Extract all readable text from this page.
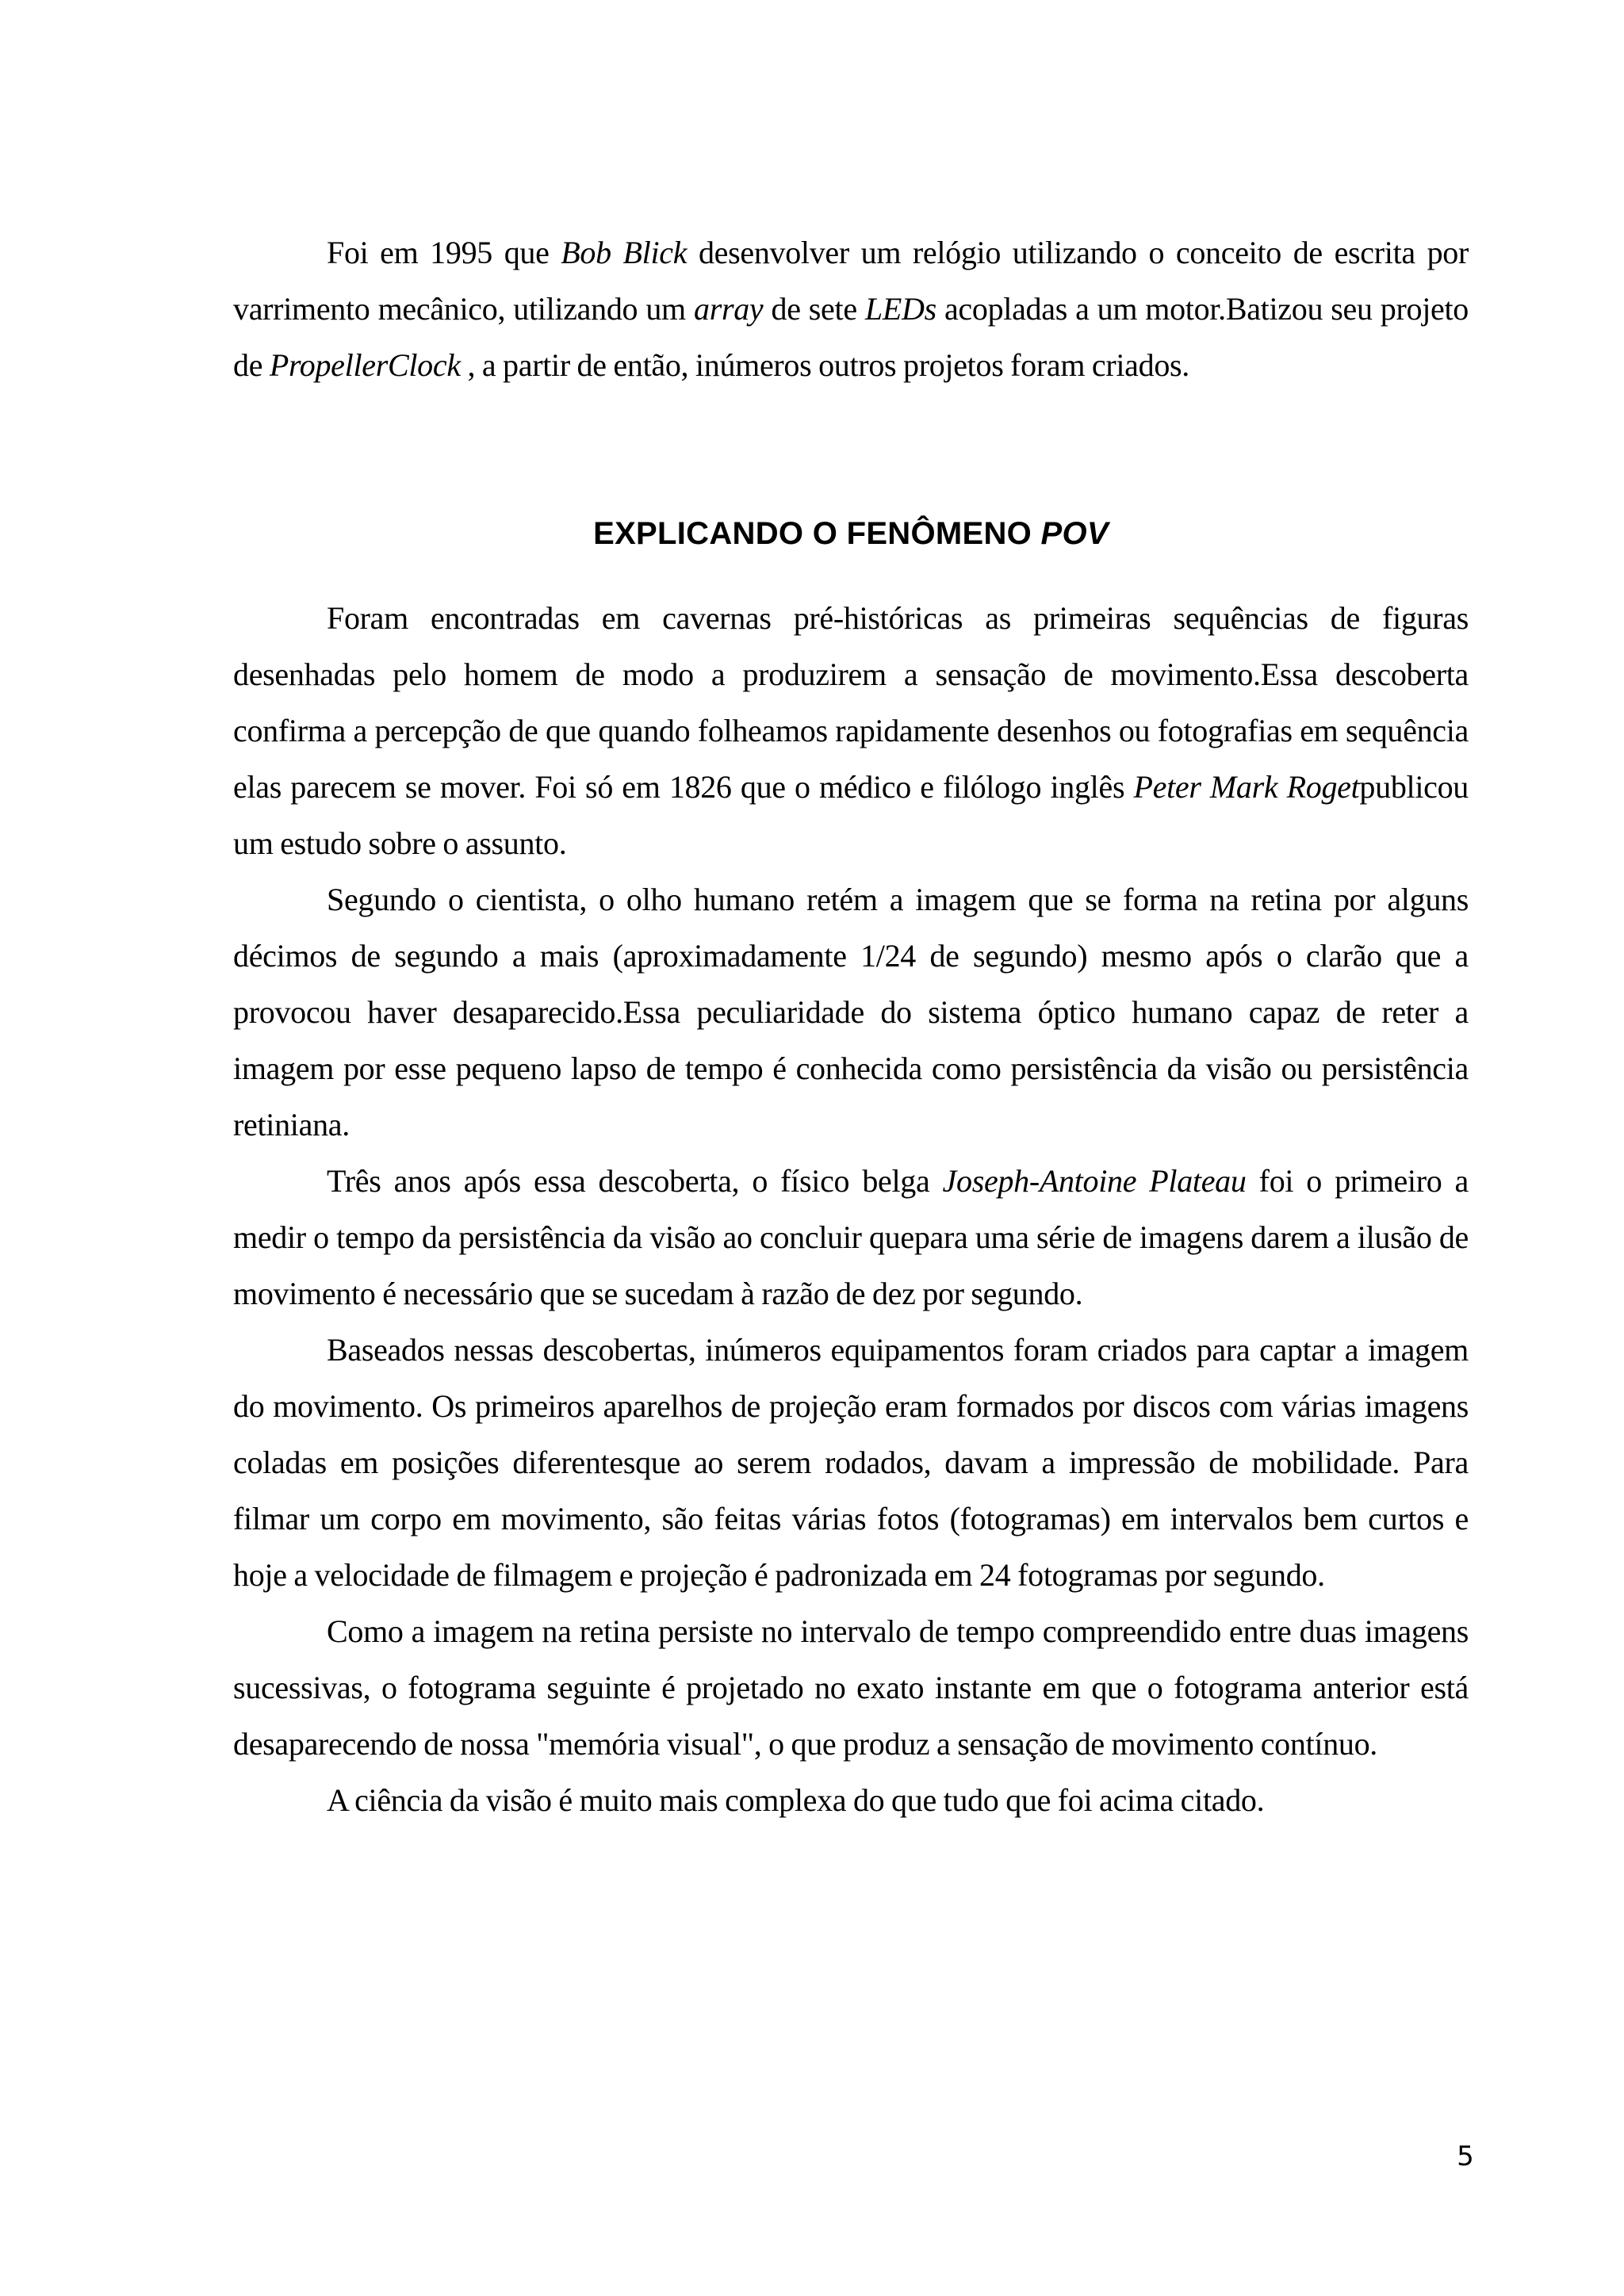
Foi em 1995 que Bob Blick desenvolver um relógio utilizando o conceito de escrita por varrimento mecânico, utilizando um array de sete LEDs acopladas a um motor.Batizou seu projeto de PropellerClock , a partir de então, inúmeros outros projetos foram criados.

EXPLICANDO O FENÔMENO POV

Foram encontradas em cavernas pré-históricas as primeiras sequências de figuras desenhadas pelo homem de modo a produzirem a sensação de movimento.Essa descoberta confirma a percepção de que quando folheamos rapidamente desenhos ou fotografias em sequência elas parecem se mover. Foi só em 1826 que o médico e filólogo inglês Peter Mark Rogetpublicou um estudo sobre o assunto.

Segundo o cientista, o olho humano retém a imagem que se forma na retina por alguns décimos de segundo a mais (aproximadamente 1/24 de segundo) mesmo após o clarão que a provocou haver desaparecido.Essa peculiaridade do sistema óptico humano capaz de reter a imagem por esse pequeno lapso de tempo é conhecida como persistência da visão ou persistência retiniana.

Três anos após essa descoberta, o físico belga Joseph-Antoine Plateau foi o primeiro a medir o tempo da persistência da visão ao concluir quepara uma série de imagens darem a ilusão de movimento é necessário que se sucedam à razão de dez por segundo.

Baseados nessas descobertas, inúmeros equipamentos foram criados para captar a imagem do movimento. Os primeiros aparelhos de projeção eram formados por discos com várias imagens coladas em posições diferentesque ao serem rodados, davam a impressão de mobilidade. Para filmar um corpo em movimento, são feitas várias fotos (fotogramas) em intervalos bem curtos e hoje a velocidade de filmagem e projeção é padronizada em 24 fotogramas por segundo.

Como a imagem na retina persiste no intervalo de tempo compreendido entre duas imagens sucessivas, o fotograma seguinte é projetado no exato instante em que o fotograma anterior está desaparecendo de nossa "memória visual", o que produz a sensação de movimento contínuo.

A ciência da visão é muito mais complexa do que tudo que foi acima citado.

5
